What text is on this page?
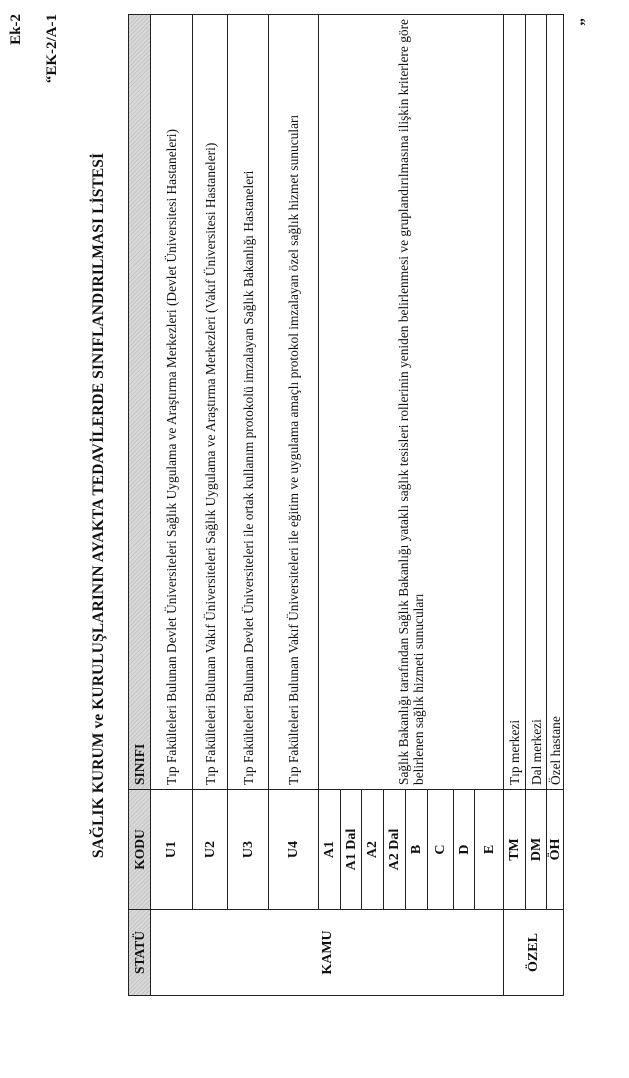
Ek-2 “EK-2/A-1
SAĞLIK KURUM ve KURULUŞLARININ AYAKTA TEDAVİLERDE SINIFLANDIRILMASI LİSTESİ
STATÜ	KODU	SINIFI
KAMU	U1	Tıp Fakülteleri Bulunan Devlet Üniversiteleri Sağlık Uygulama ve Araştırma Merkezleri (Devlet Üniversitesi Hastaneleri)
	U2	Tıp Fakülteleri Bulunan Vakıf Üniversiteleri Sağlık Uygulama ve Araştırma Merkezleri (Vakıf Üniversitesi Hastaneleri)
	U3	Tıp Fakülteleri Bulunan Devlet Üniversiteleri ile ortak kullanım protokolü imzalayan Sağlık Bakanlığı Hastaneleri
	U4	Tıp Fakülteleri Bulunan Vakıf Üniversiteleri ile eğitim ve uygulama amaçlı protokol imzalayan özel sağlık hizmet sunucuları
	A1	Sağlık Bakanlığı tarafından Sağlık Bakanlığı yataklı sağlık tesisleri rollerinin yeniden belirlenmesi ve gruplandırılmasına ilişkin kriterlere göre belirlenen sağlık hizmeti sunucuları
	A1 Dal	
	A2	
	A2 Dal	
	B	
	C	
	D	
	E	
ÖZEL	TM	Tıp merkezi
	DM	Dal merkezi
	ÖH	Özel hastane
”
